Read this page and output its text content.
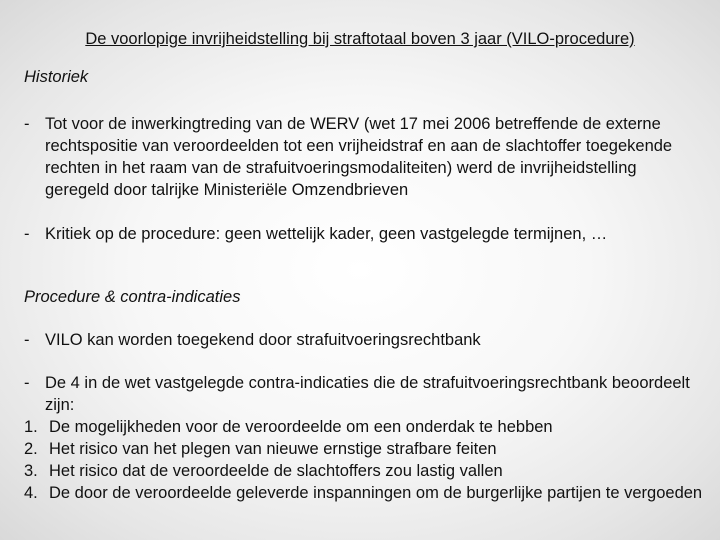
De voorlopige invrijheidstelling bij straftotaal boven 3 jaar (VILO-procedure)
Historiek
- Tot voor de inwerkingtreding van de WERV (wet 17 mei 2006 betreffende de externe rechtspositie van veroordeelden tot een vrijheidstraf en aan de slachtoffer toegekende rechten in het raam van de strafuitvoeringsmodaliteiten) werd de invrijheidstelling geregeld door talrijke Ministeriële Omzendbrieven
- Kritiek op de procedure: geen wettelijk kader, geen vastgelegde termijnen, …
Procedure & contra-indicaties
- VILO kan worden toegekend door strafuitvoeringsrechtbank
- De 4 in de wet vastgelegde contra-indicaties die de strafuitvoeringsrechtbank beoordeelt zijn:
1. De mogelijkheden voor de veroordeelde om een onderdak te hebben
2. Het risico van het plegen van nieuwe ernstige strafbare feiten
3. Het risico dat de veroordeelde de slachtoffers zou lastig vallen
4. De door de veroordeelde geleverde inspanningen om de burgerlijke partijen te vergoeden
